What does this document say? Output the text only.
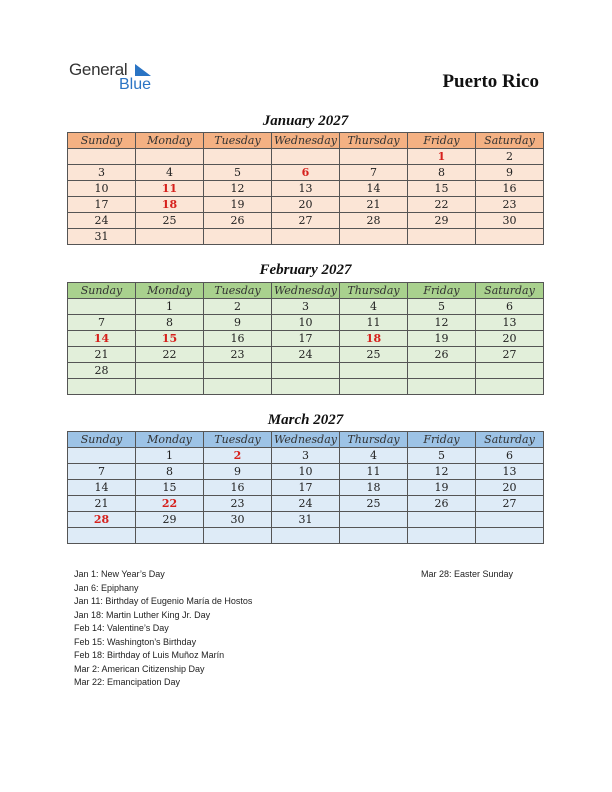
General
Blue	Puerto Rico
January 2027
Sunday	Monday	Tuesday	Wednesday	Thursday	Friday	Saturday
					1	2
3	4	5	6	7	8	9
10	11	12	13	14	15	16
17	18	19	20	21	22	23
24	25	26	27	28	29	30
31						
February 2027
Sunday	Monday	Tuesday	Wednesday	Thursday	Friday	Saturday
	1	2	3	4	5	6
7	8	9	10	11	12	13
14	15	16	17	18	19	20
21	22	23	24	25	26	27
28						

March 2027
Sunday	Monday	Tuesday	Wednesday	Thursday	Friday	Saturday
	1	2	3	4	5	6
7	8	9	10	11	12	13
14	15	16	17	18	19	20
21	22	23	24	25	26	27
28	29	30	31			

Jan 1: New Year’s Day
Jan 6: Epiphany
Jan 11: Birthday of Eugenio María de Hostos
Jan 18: Martin Luther King Jr. Day
Feb 14: Valentine’s Day
Feb 15: Washington’s Birthday
Feb 18: Birthday of Luis Muñoz Marín
Mar 2: American Citizenship Day
Mar 22: Emancipation Day
Mar 28: Easter Sunday
